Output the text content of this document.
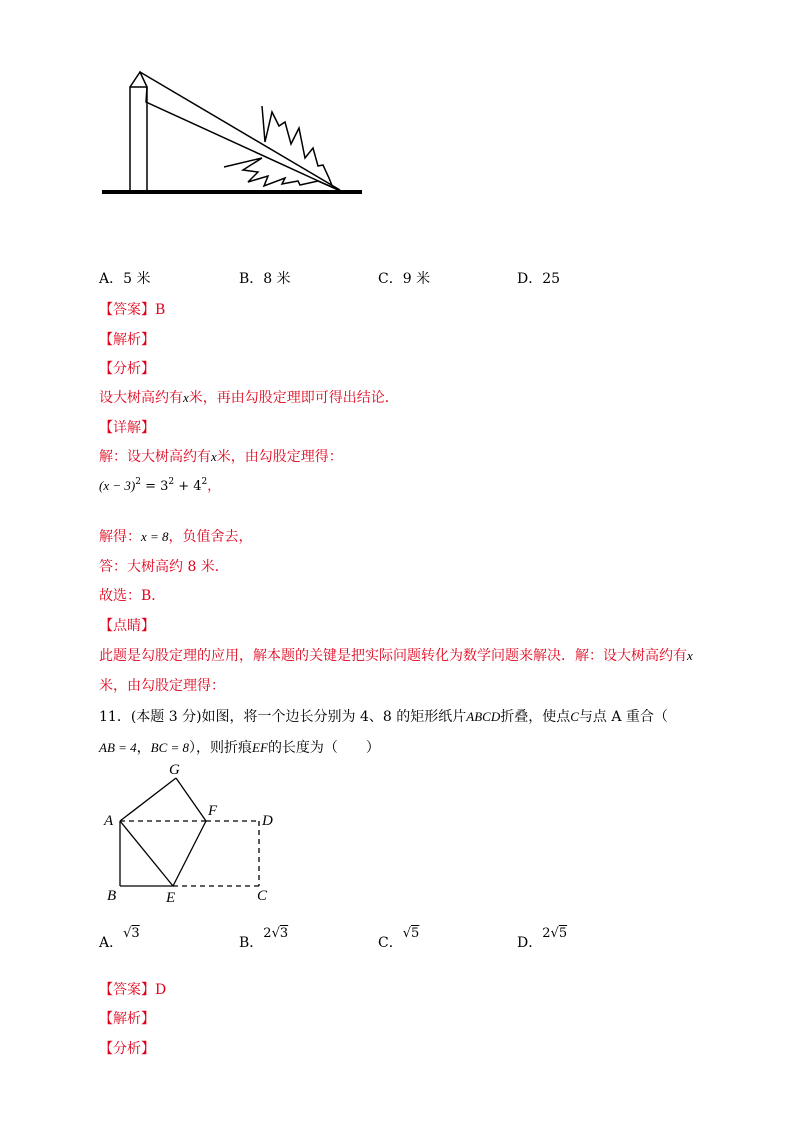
A．5 米	B．8 米	C．9 米	D．25
【答案】B
【解析】
【分析】
设大树高约有x米，再由勾股定理即可得出结论．
【详解】
解：设大树高约有x米，由勾股定理得：
$(x - 3)^2 = 3^2 + 4^2$，
解得：x = 8，负值舍去，
答：大树高约 8 米．
故选：B．
【点睛】
此题是勾股定理的应用，解本题的关键是把实际问题转化为数学问题来解决．解：设大树高约有x
米，由勾股定理得：
11．(本题 3 分)如图，将一个边长分别为 4、8 的矩形纸片ABCD折叠，使点C与点 A 重合（
AB = 4，BC = 8），则折痕EF的长度为（　　）
G
A
F
D
B	E	C
A．√3
B．2√3
C．√5
D．2√5
【答案】D
【解析】
【分析】
